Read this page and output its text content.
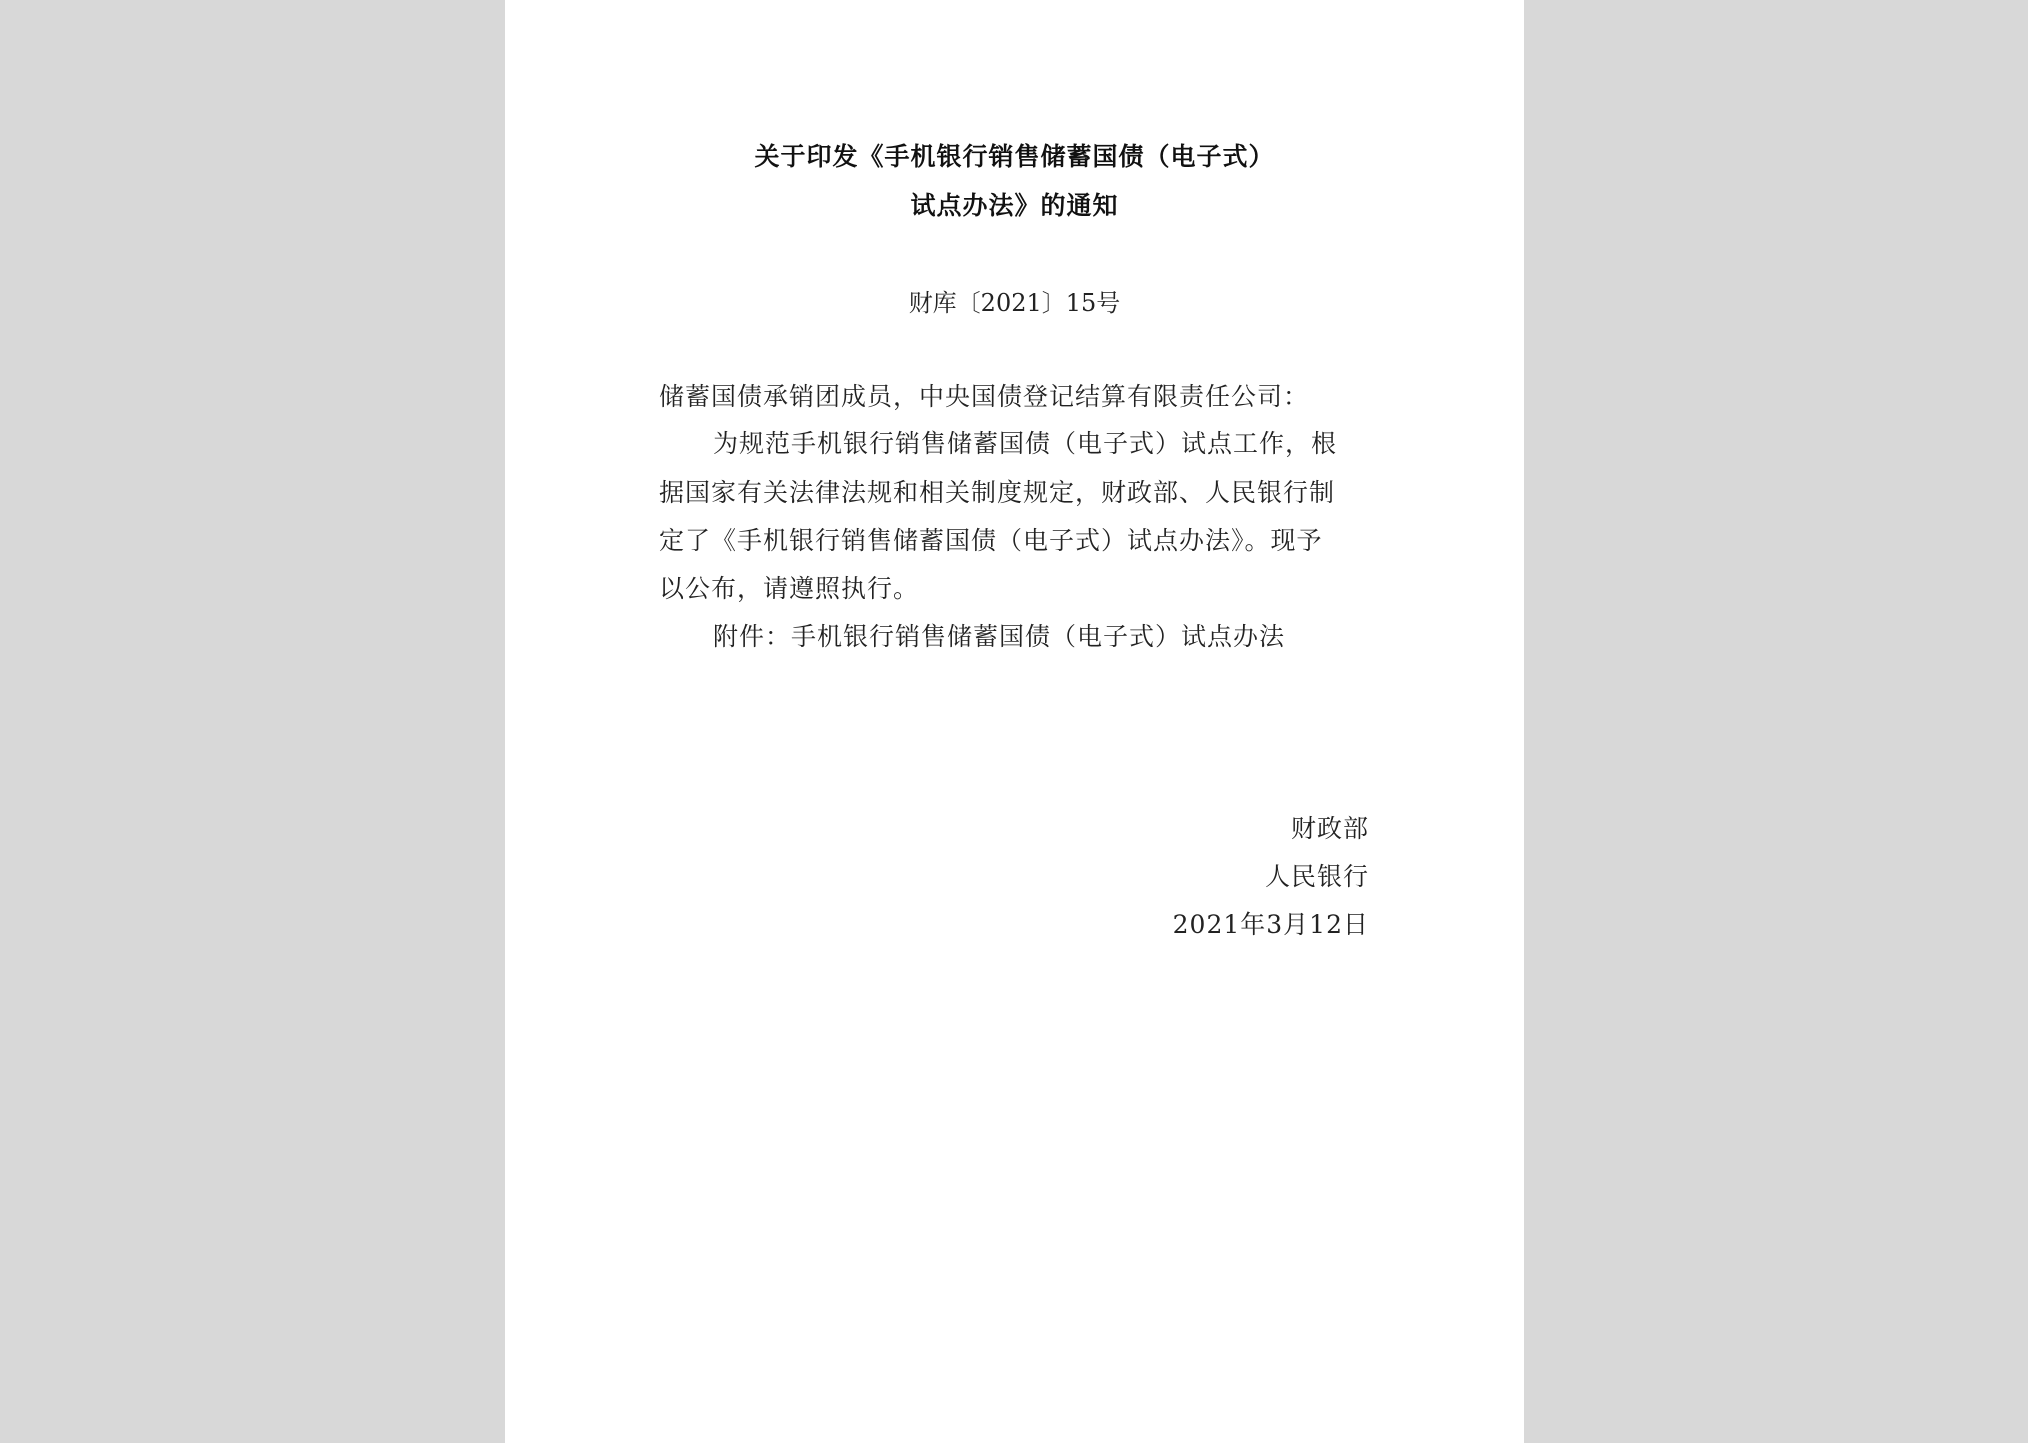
关于印发《手机银行销售储蓄国债（电子式）
试点办法》的通知
财库〔2021〕15号
储蓄国债承销团成员，中央国债登记结算有限责任公司：
为规范手机银行销售储蓄国债（电子式）试点工作，根
据国家有关法律法规和相关制度规定，财政部、人民银行制
定了《手机银行销售储蓄国债（电子式）试点办法》。现予
以公布，请遵照执行。
附件：手机银行销售储蓄国债（电子式）试点办法
财政部
人民银行
2021年3月12日
